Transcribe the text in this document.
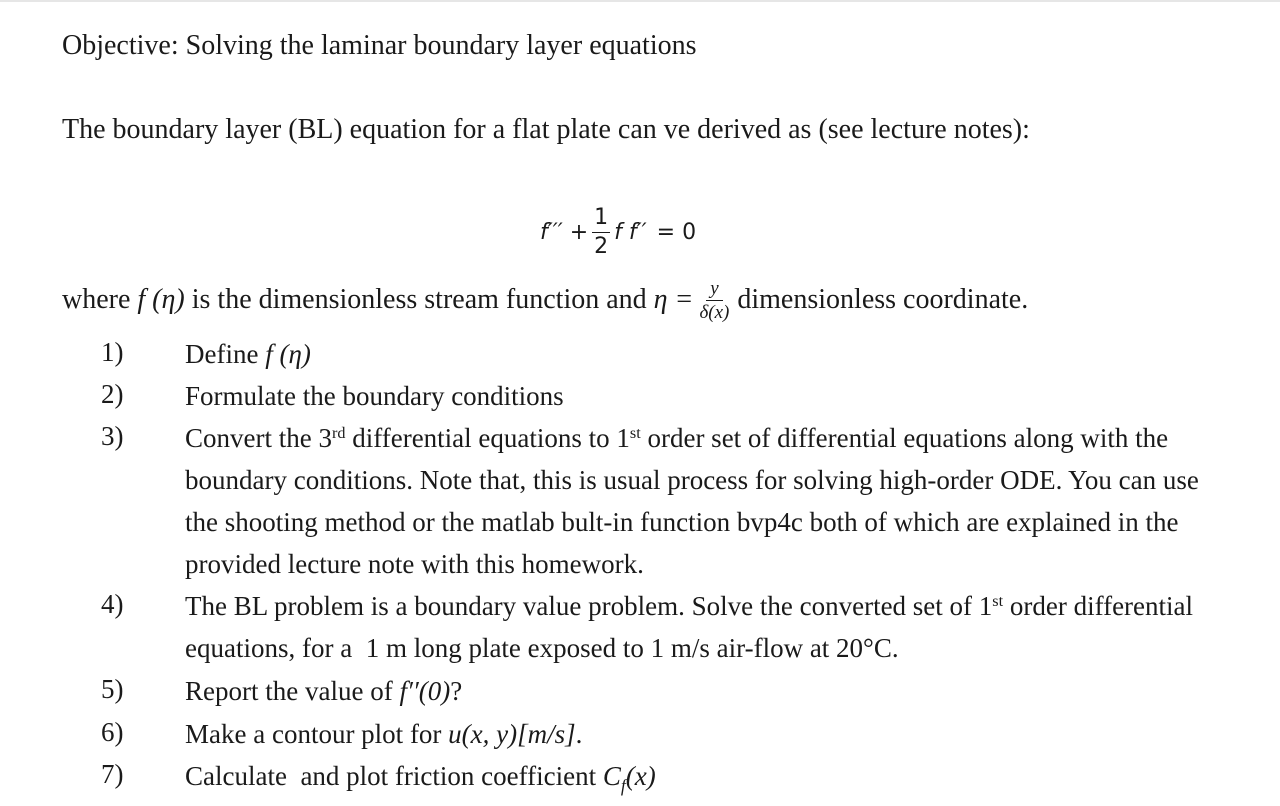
Objective: Solving the laminar boundary layer equations
The boundary layer (BL) equation for a flat plate can ve derived as (see lecture notes):
$f''' + \frac{1}{2}$ f f′′ = 0
where
f (η)
is the dimensionless stream function and
$\eta = \frac{y}{\delta(x)}$ dimensionless coordinate.
1)	Define f (η)
2)	Formulate the boundary conditions
3)	Convert the 3rd differential equations to 1st order set of differential equations along with the boundary conditions. Note that, this is usual process for solving high-order ODE. You can use the shooting method or the matlab bult-in function bvp4c both of which are explained in the provided lecture note with this homework.
4)	The BL problem is a boundary value problem. Solve the converted set of 1st order differential equations, for a  1 m long plate exposed to 1 m/s air-flow at 20°C.
5)	Report the value of f′′(0)?
6)	Make a contour plot for u(x, y)[m/s].
7)	Calculate  and plot friction coefficient $C_f(x)$
